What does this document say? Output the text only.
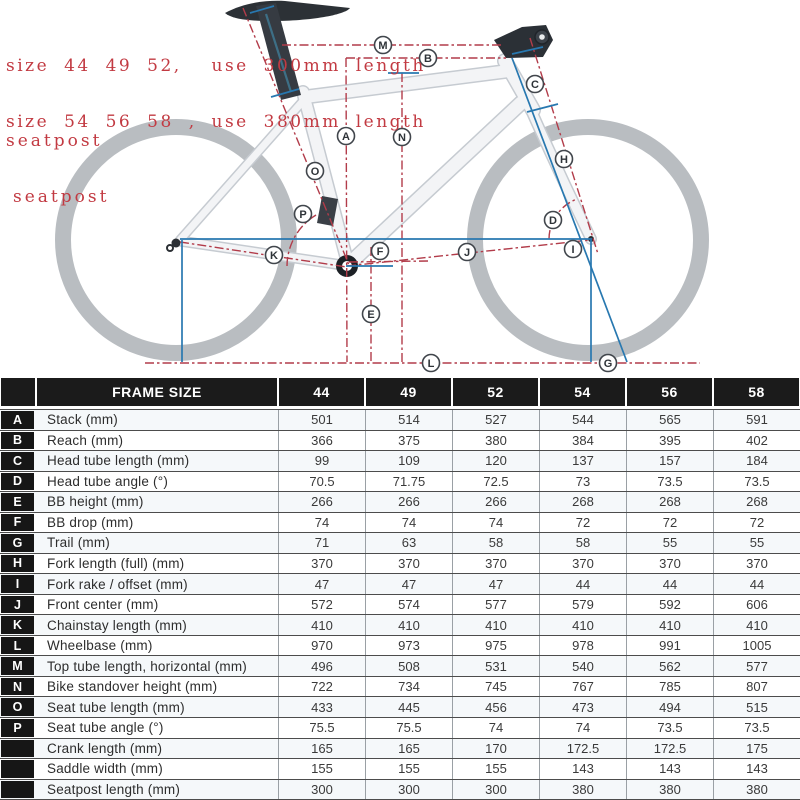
M
B
C
A	N
H
O
P	D
F	I
J
K
E
L	G

size 44 49 52,  use 300mm length

seatpost

size 54 56 58 , use 380mm length

seatpost

FRAME SIZE	44	49	52	54	56	58
A	Stack (mm)	501	514	527	544	565	591
B	Reach (mm)	366	375	380	384	395	402
C	Head tube length (mm)	99	109	120	137	157	184
D	Head tube angle (°)	70.5	71.75	72.5	73	73.5	73.5
E	BB height (mm)	266	266	266	268	268	268
F	BB drop (mm)	74	74	74	72	72	72
G	Trail (mm)	71	63	58	58	55	55
H	Fork length (full) (mm)	370	370	370	370	370	370
I	Fork rake / offset (mm)	47	47	47	44	44	44
J	Front center (mm)	572	574	577	579	592	606
K	Chainstay length (mm)	410	410	410	410	410	410
L	Wheelbase (mm)	970	973	975	978	991	1005
M	Top tube length, horizontal (mm)	496	508	531	540	562	577
N	Bike standover height (mm)	722	734	745	767	785	807
O	Seat tube length (mm)	433	445	456	473	494	515
P	Seat tube angle (°)	75.5	75.5	74	74	73.5	73.5
Crank length (mm)	165	165	170	172.5	172.5	175
Saddle width (mm)	155	155	155	143	143	143
Seatpost length (mm)	300	300	300	380	380	380
